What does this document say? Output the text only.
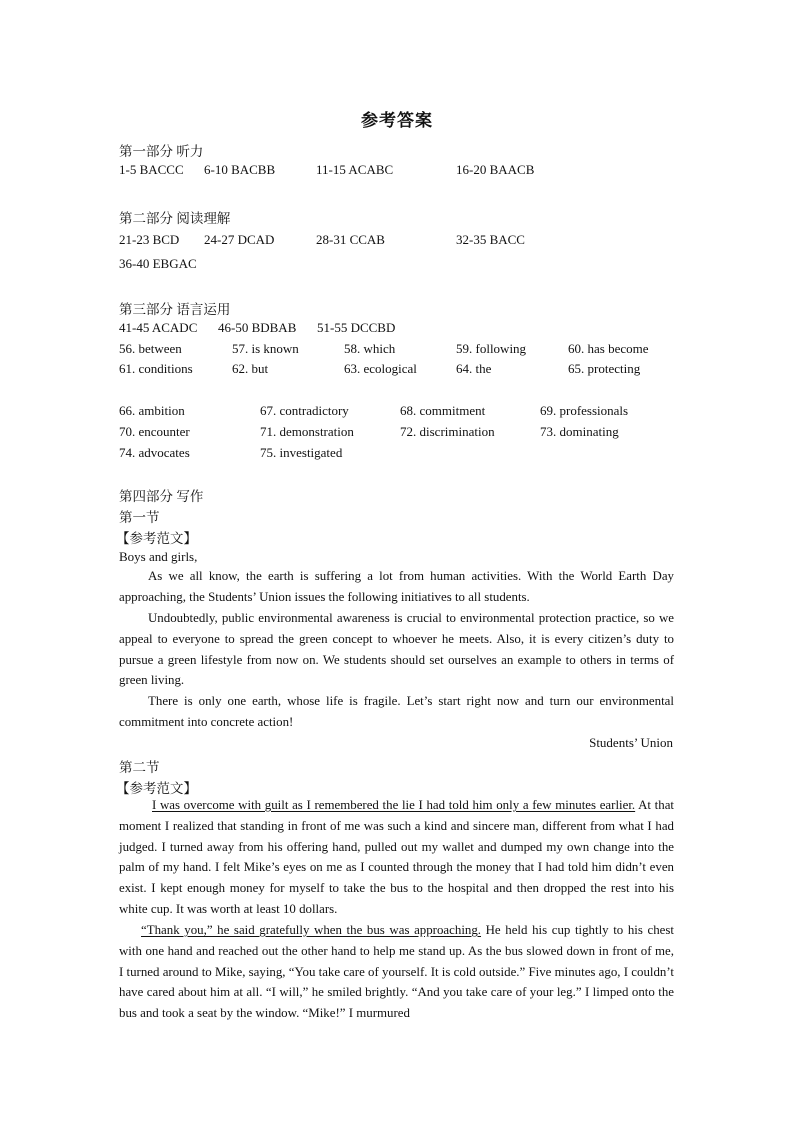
参考答案
第一部分 听力
1-5 BACCC 6-10 BACBB	11-15 ACABC	16-20 BAACB
第二部分 阅读理解
21-23 BCD 24-27 DCAD	28-31 CCAB	32-35 BACC
36-40 EBGAC
第三部分 语言运用
41-45 ACADC 46-50 BDBAB 51-55 DCCBD
56. between	57. is known	58. which	59. following	60. has become
61. conditions	62. but	63. ecological	64. the	65. protecting
66. ambition	67. contradictory	68. commitment	69. professionals
70. encounter	71. demonstration	72. discrimination	73. dominating
74. advocates	75. investigated
第四部分 写作
第一节
【参考范文】
Boys and girls,
As we all know, the earth is suffering a lot from human activities. With the World Earth Day approaching, the Students’ Union issues the following initiatives to all students.
Undoubtedly, public environmental awareness is crucial to environmental protection practice, so we appeal to everyone to spread the green concept to whoever he meets. Also, it is every citizen’s duty to pursue a green lifestyle from now on. We students should set ourselves an example to others in terms of green living.
There is only one earth, whose life is fragile. Let’s start right now and turn our environmental commitment into concrete action!
Students’ Union
第二节
【参考范文】
I was overcome with guilt as I remembered the lie I had told him only a few minutes earlier. At that moment I realized that standing in front of me was such a kind and sincere man, different from what I had judged. I turned away from his offering hand, pulled out my wallet and dumped my own change into the palm of my hand. I felt Mike’s eyes on me as I counted through the money that I had told him didn’t even exist. I kept enough money for myself to take the bus to the hospital and then dropped the rest into his white cup. It was worth at least 10 dollars.
“Thank you,” he said gratefully when the bus was approaching. He held his cup tightly to his chest with one hand and reached out the other hand to help me stand up. As the bus slowed down in front of me, I turned around to Mike, saying, “You take care of yourself. It is cold outside.” Five minutes ago, I couldn’t have cared about him at all. “I will,” he smiled brightly. “And you take care of your leg.” I limped onto the bus and took a seat by the window. “Mike!” I murmured
